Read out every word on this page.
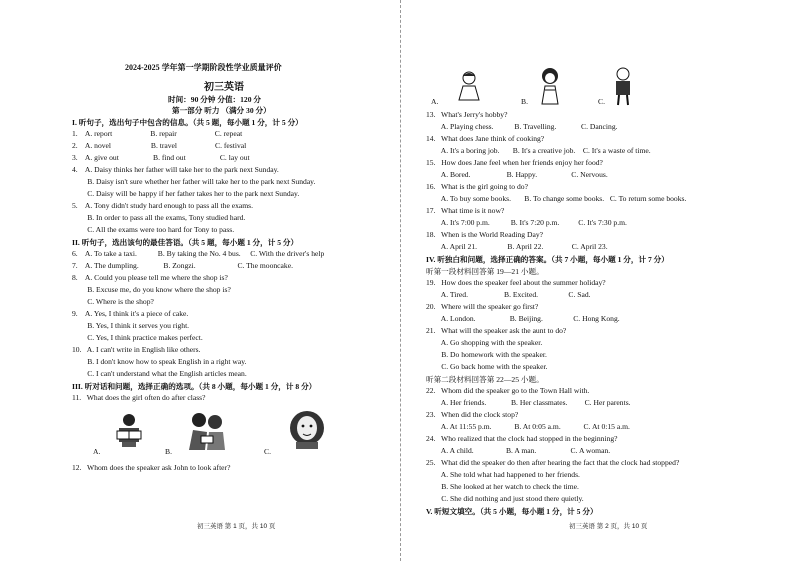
2024-2025 学年第一学期阶段性学业质量评价
初三英语
时间：90 分钟 分值：120 分
第一部分 听力 （满分 30 分）
I. 听句子，选出句子中包含的信息。（共 5 题，每小题 1 分，计 5 分）
1.    A. report                    B. repair                    C. repeat
2.    A. novel                     B. travel                    C. festival
3.    A. give out                  B. find out                  C. lay out
4.    A. Daisy thinks her father will take her to the park next Sunday.
B. Daisy isn't sure whether her father will take her to the park next Sunday.
C. Daisy will be happy if her father takes her to the park next Sunday.
5.    A. Tony didn't study hard enough to pass all the exams.
B. In order to pass all the exams, Tony studied hard.
C. All the exams were too hard for Tony to pass.
II. 听句子，选出该句的最佳答语。（共 5 题，每小题 1 分，计 5 分）
6.    A. To take a taxi.           B. By taking the No. 4 bus.     C. With the driver's help
7.    A. The dumpling.             B. Zongzi.                      C. The mooncake.
8.    A. Could you please tell me where the shop is?
B. Excuse me, do you know where the shop is?
C. Where is the shop?
9.    A. Yes, I think it's a piece of cake.
B. Yes, I think it serves you right.
C. Yes, I think practice makes perfect.
10.   A. I can't write in English like others.
B. I don't know how to speak English in a right way.
C. I can't understand what the English articles mean.
III. 听对话和问题，选择正确的选项。（共 8 小题，每小题 1 分，计 8 分）
11.   What does the girl often do after class?
A.	B.	C.
12.   Whom does the speaker ask John to look after?
初三英语 第 1 页，共 10 页
A.	B.	C.
13.   What's Jerry's hobby?
A. Playing chess.           B. Travelling.             C. Dancing.
14.   What does Jane think of cooking?
A. It's a boring job.       B. It's a creative job.    C. It's a waste of time.
15.   How does Jane feel when her friends enjoy her food?
A. Bored.                   B. Happy.                  C. Nervous.
16.   What is the girl going to do?
A. To buy some books.       B. To change some books.   C. To return some books.
17.   What time is it now?
A. It's 7:00 p.m.           B. It's 7:20 p.m.          C. It's 7:30 p.m.
18.   When is the World Reading Day?
A. April 21.                B. April 22.               C. April 23.
IV. 听独白和问题，选择正确的答案。（共 7 小题，每小题 1 分，计 7 分）
听第一段材料回答第 19—21 小题。
19.   How does the speaker feel about the summer holiday?
A. Tired.                   B. Excited.                C. Sad.
20.   Where will the speaker go first?
A. London.                  B. Beijing.                C. Hong Kong.
21.   What will the speaker ask the aunt to do?
A. Go shopping with the speaker.
B. Do homework with the speaker.
C. Go back home with the speaker.
听第二段材料回答第 22—25 小题。
22.   Whom did the speaker go to the Town Hall with.
A. Her friends.             B. Her classmates.         C. Her parents.
23.   When did the clock stop?
A. At 11:55 p.m.            B. At 0:05 a.m.            C. At 0:15 a.m.
24.   Who realized that the clock had stopped in the beginning?
A. A child.                 B. A man.                  C. A woman.
25.   What did the speaker do then after hearing the fact that the clock had stopped?
A. She told what had happened to her friends.
B. She looked at her watch to check the time.
C. She did nothing and just stood there quietly.
V. 听短文填空。（共 5 小题，每小题 1 分，计 5 分）
初三英语 第 2 页，共 10 页
